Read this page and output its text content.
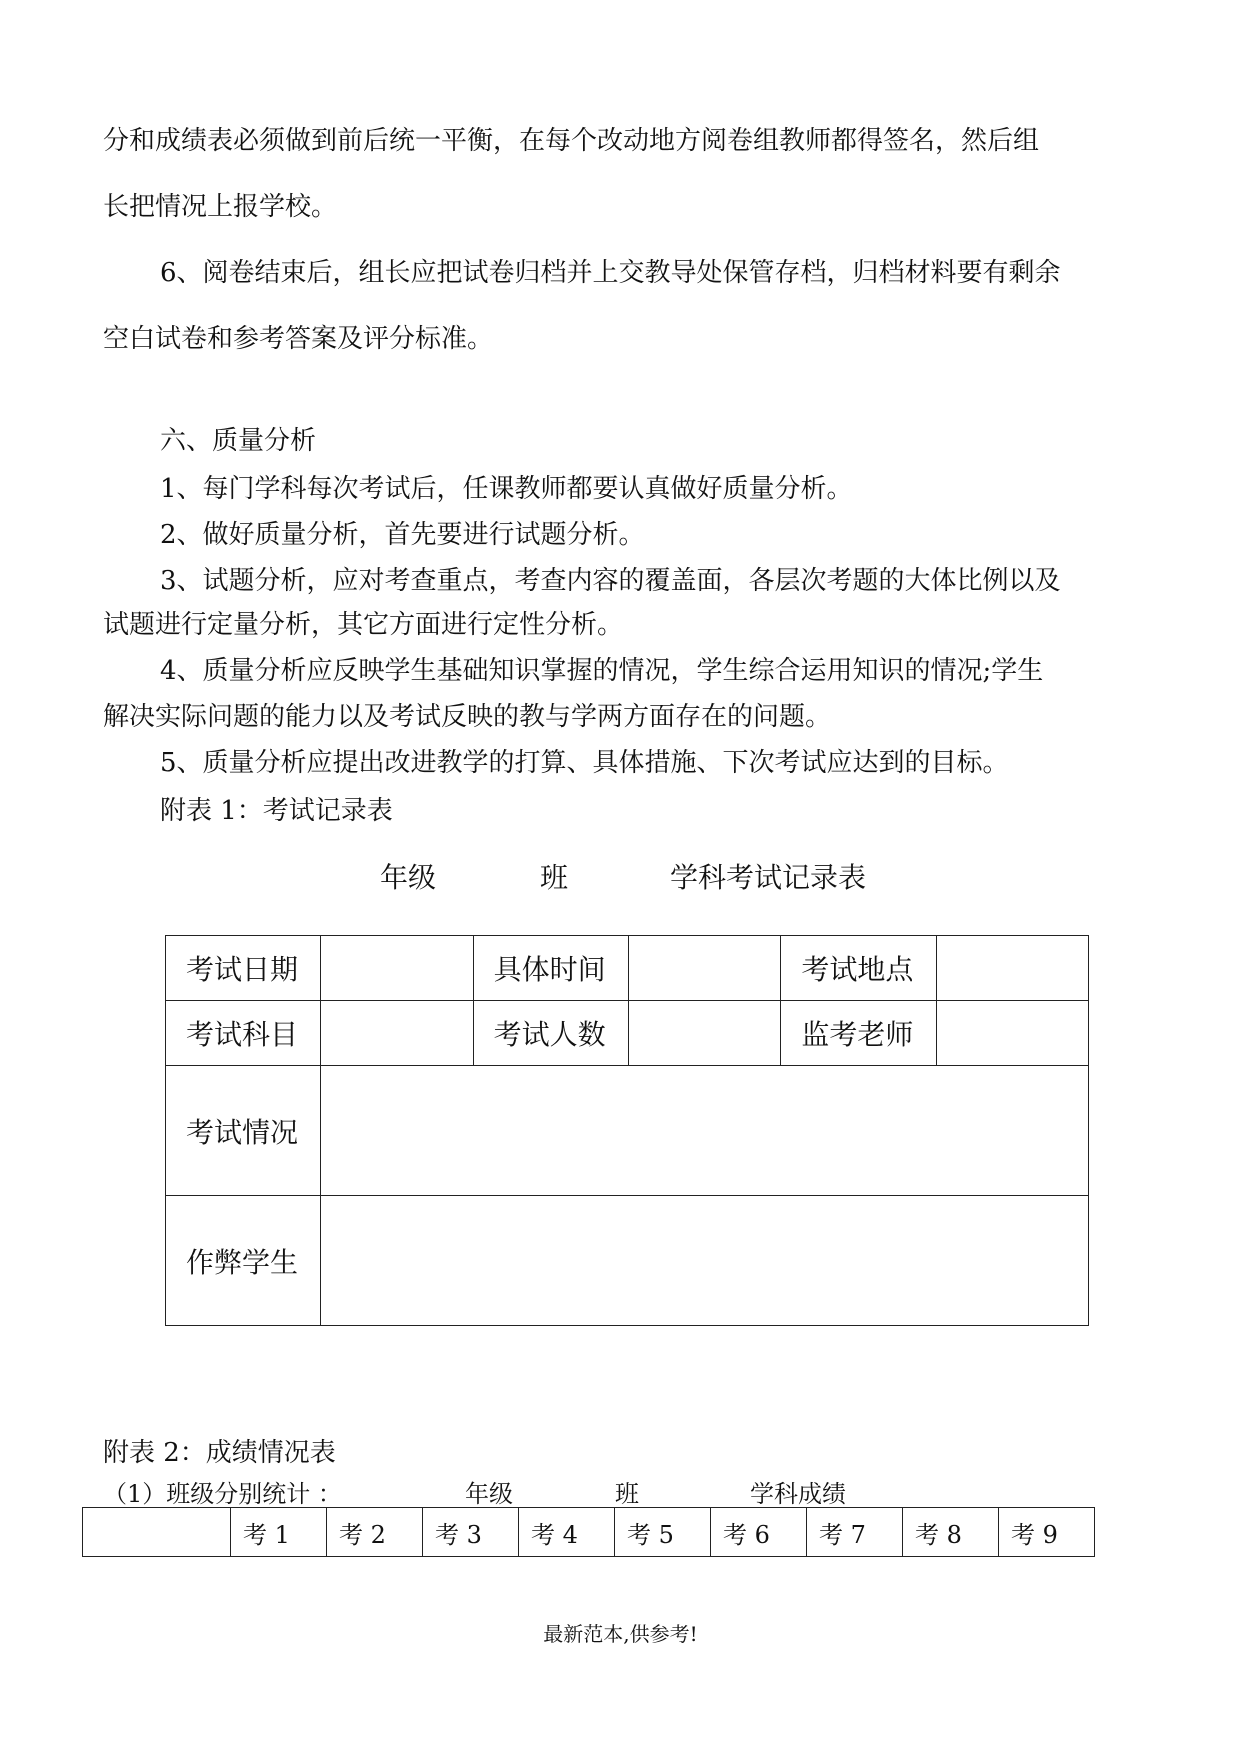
分和成绩表必须做到前后统一平衡，在每个改动地方阅卷组教师都得签名，然后组

长把情况上报学校。

6、阅卷结束后，组长应把试卷归档并上交教导处保管存档，归档材料要有剩余

空白试卷和参考答案及评分标准。

六、质量分析

1、每门学科每次考试后，任课教师都要认真做好质量分析。

2、做好质量分析，首先要进行试题分析。

3、试题分析，应对考查重点，考查内容的覆盖面，各层次考题的大体比例以及

试题进行定量分析，其它方面进行定性分析。

4、质量分析应反映学生基础知识掌握的情况，学生综合运用知识的情况;学生

解决实际问题的能力以及考试反映的教与学两方面存在的问题。

5、质量分析应提出改进教学的打算、具体措施、下次考试应达到的目标。

附表 1：考试记录表

年级	班	学科考试记录表
考试日期		具体时间		考试地点	
考试科目		考试人数		监考老师	
考试情况					
作弊学生					

附表 2：成绩情况表

（1）班级分别统计 ：	年级	班	学科成绩
	考 1	考 2	考 3	考 4	考 5	考 6	考 7	考 8	考 9
最新范本,供参考!
